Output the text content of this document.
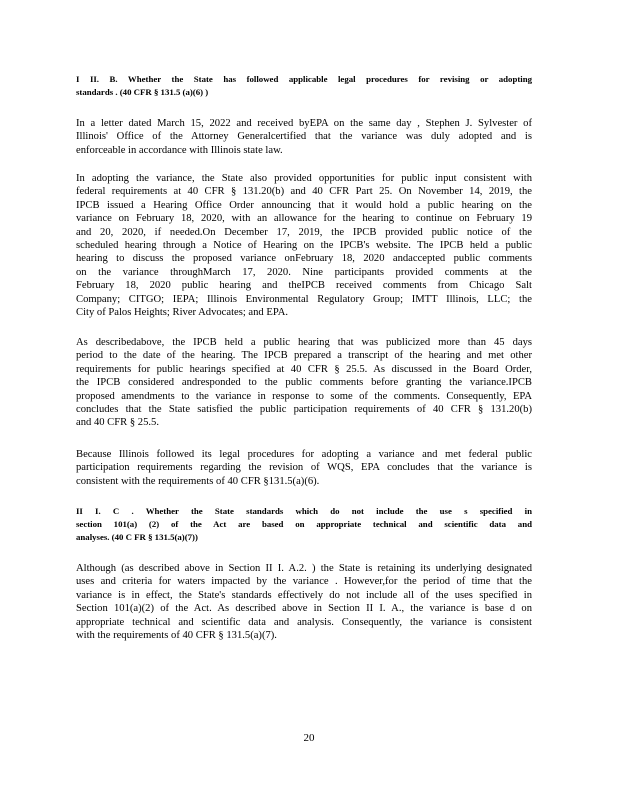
I II. B. Whether the State has followed applicable legal procedures for revising or adopting
standards . (40 CFR § 131.5 (a)(6) )
In a letter dated March 15, 2022 and received byEPA on the same day , Stephen J. Sylvester of
Illinois' Office of the Attorney Generalcertified that the variance was duly adopted and is
enforceable in accordance with Illinois state law.
In adopting the variance, the State also provided opportunities for public input consistent with
federal requirements at 40 CFR § 131.20(b) and 40 CFR Part 25. On November 14, 2019, the
IPCB issued a Hearing Office Order announcing that it would hold a public hearing on the
variance on February 18, 2020, with an allowance for the hearing to continue on February 19
and 20, 2020, if needed.On December 17, 2019, the IPCB provided public notice of the
scheduled hearing through a Notice of Hearing on the IPCB's website. The IPCB held a public
hearing to discuss the proposed variance onFebruary 18, 2020 andaccepted public comments
on the variance throughMarch 17, 2020. Nine participants provided comments at the
February 18, 2020 public hearing and theIPCB received comments from Chicago Salt
Company; CITGO; IEPA; Illinois Environmental Regulatory Group; IMTT Illinois, LLC; the
City of Palos Heights; River Advocates; and EPA.
As describedabove, the IPCB held a public hearing that was publicized more than 45 days
period to the date of the hearing. The IPCB prepared a transcript of the hearing and met other
requirements for public hearings specified at 40 CFR § 25.5. As discussed in the Board Order,
the IPCB considered andresponded to the public comments before granting the variance.IPCB
proposed amendments to the variance in response to some of the comments. Consequently, EPA
concludes that the State satisfied the public participation requirements of 40 CFR § 131.20(b)
and 40 CFR § 25.5.
Because Illinois followed its legal procedures for adopting a variance and met federal public
participation requirements regarding the revision of WQS, EPA concludes that the variance is
consistent with the requirements of 40 CFR §131.5(a)(6).
II I. C . Whether the State standards which do not include the use s specified in
section 101(a) (2) of the Act are based on appropriate technical and scientific data and
analyses. (40 C FR § 131.5(a)(7))
Although (as described above in Section II I. A.2. ) the State is retaining its underlying designated
uses and criteria for waters impacted by the variance . However,for the period of time that the
variance is in effect, the State's standards effectively do not include all of the uses specified in
Section 101(a)(2) of the Act. As described above in Section II I. A., the variance is base d on
appropriate technical and scientific data and analysis. Consequently, the variance is consistent
with the requirements of 40 CFR § 131.5(a)(7).
20
